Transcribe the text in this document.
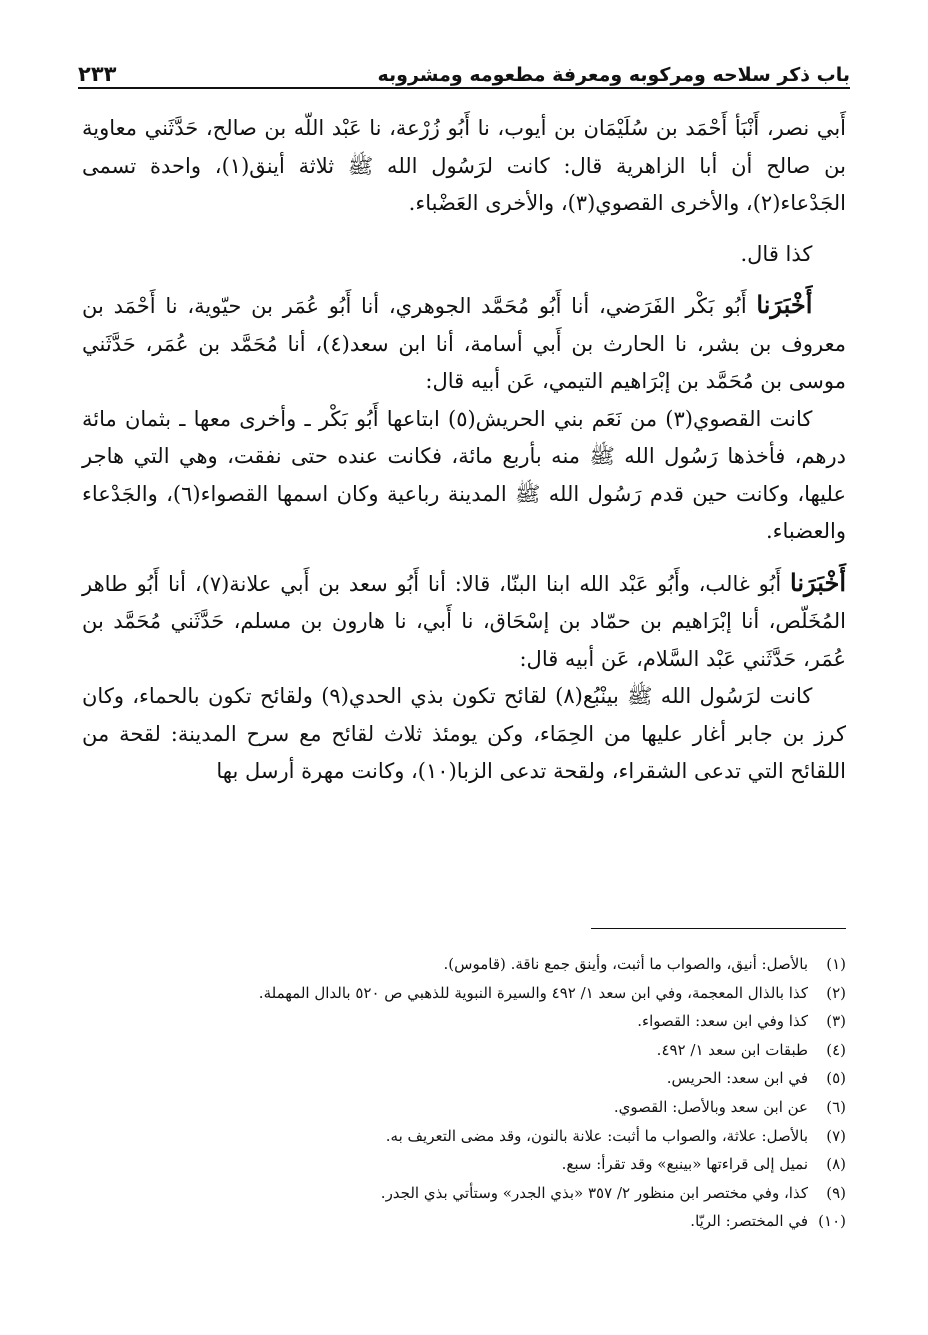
باب ذكر سلاحه ومركوبه ومعرفة مطعومه ومشروبه
٢٣٣

أَبي نصر، أَنْبَأ أَحْمَد بن سُلَيْمَان بن أيوب، نا أَبُو زُرْعة، نا عَبْد اللّه بن صالح، حَدَّثَني معاوية بن صالح أن أبا الزاهرية قال: كانت لرَسُول الله ﷺ ثلاثة أينق(١)، واحدة تسمى الجَدْعاء(٢)، والأخرى القصوي(٣)، والأخرى العَضْباء.

كذا قال.

أَخْبَرَنا أَبُو بَكْر الفَرَضي، أنا أَبُو مُحَمَّد الجوهري، أنا أَبُو عُمَر بن حيّوية، نا أَحْمَد بن معروف بن بشر، نا الحارث بن أَبي أسامة، أنا ابن سعد(٤)، أنا مُحَمَّد بن عُمَر، حَدَّثَني موسى بن مُحَمَّد بن إبْرَاهيم التيمي، عَن أبيه قال:

كانت القصوي(٣) من نَعَم بني الحريش(٥) ابتاعها أَبُو بَكْر ـ وأخرى معها ـ بثمان مائة درهم، فأخذها رَسُول الله ﷺ منه بأربع مائة، فكانت عنده حتى نفقت، وهي التي هاجر عليها، وكانت حين قدم رَسُول الله ﷺ المدينة رباعية وكان اسمها القصواء(٦)، والجَدْعاء والعضباء.

أَخْبَرَنا أَبُو غالب، وأَبُو عَبْد الله ابنا البنّا، قالا: أنا أَبُو سعد بن أَبي علانة(٧)، أنا أَبُو طاهر المُخَلّص، أنا إبْرَاهيم بن حمّاد بن إسْحَاق، نا أَبي، نا هارون بن مسلم، حَدَّثَني مُحَمَّد بن عُمَر، حَدَّثَني عَبْد السَّلام، عَن أبيه قال:

كانت لرَسُول الله ﷺ بينْبُع(٨) لقائح تكون بذي الحدي(٩) ولقائح تكون بالحماء، وكان كرز بن جابر أغار عليها من الحِمَاء، وكن يومئذ ثلاث لقائح مع سرح المدينة: لقحة من اللقائح التي تدعى الشقراء، ولقحة تدعى الزبا(١٠)، وكانت مهرة أرسل بها

(١)
بالأصل: أنيق، والصواب ما أثبت، وأينق جمع ناقة. (قاموس).
(٢)
كذا بالذال المعجمة، وفي ابن سعد ١/ ٤٩٢ والسيرة النبوية للذهبي ص ٥٢٠ بالدال المهملة.
(٣)
كذا وفي ابن سعد: القصواء.
(٤)
طبقات ابن سعد ١/ ٤٩٢.
(٥)
في ابن سعد: الحريس.
(٦)
عن ابن سعد وبالأصل: القصوي.
(٧)
بالأصل: علاثة، والصواب ما أثبت: علانة بالنون، وقد مضى التعريف به.
(٨)
نميل إلى قراءتها «بينبع» وقد تقرأ: سبع.
(٩)
كذا، وفي مختصر ابن منظور ٢/ ٣٥٧ «بذي الجدر» وستأتي بذي الجدر.
(١٠)
في المختصر: الريّا.
